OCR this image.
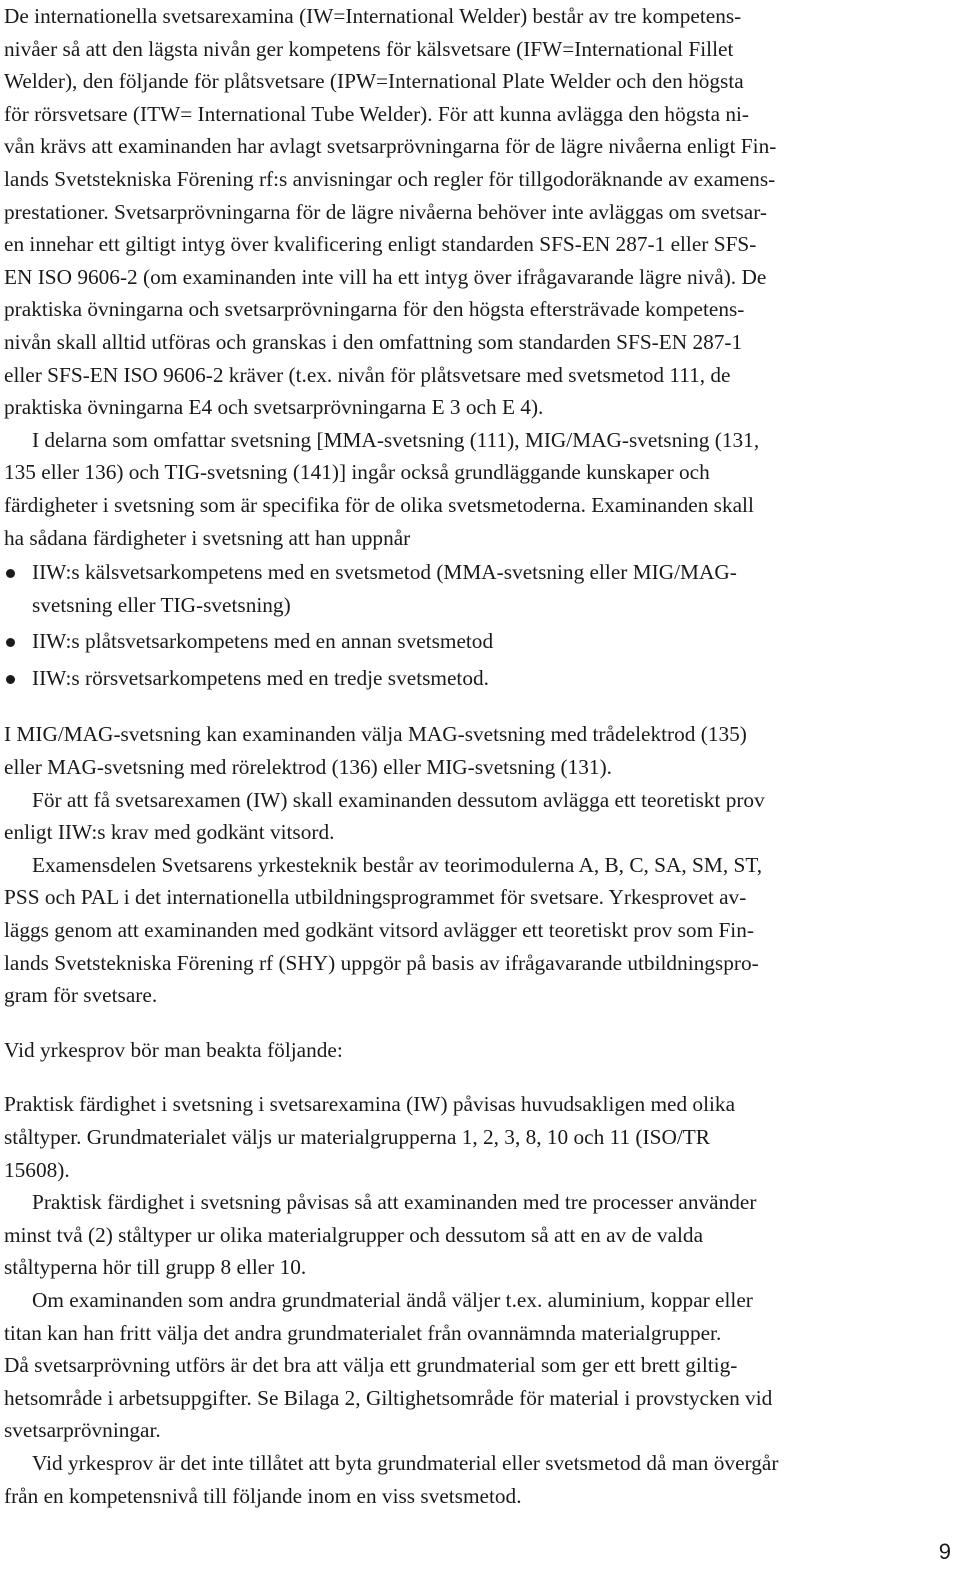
De internationella svetsarexamina (IW=International Welder) består av tre kompetens-
nivåer så att den lägsta nivån ger kompetens för kälsvetsare (IFW=International Fillet
Welder), den följande för plåtsvetsare (IPW=International Plate Welder och den högsta
för rörsvetsare (ITW= International Tube Welder). För att kunna avlägga den högsta ni-
vån krävs att examinanden har avlagt svetsarprövningarna för de lägre nivåerna enligt Fin-
lands Svetstekniska Förening rf:s anvisningar och regler för tillgodoräknande av examens-
prestationer. Svetsarprövningarna för de lägre nivåerna behöver inte avläggas om svetsar-
en innehar ett giltigt intyg över kvalificering enligt standarden SFS-EN 287-1 eller SFS-
EN ISO 9606-2 (om examinanden inte vill ha ett intyg över ifrågavarande lägre nivå). De
praktiska övningarna och svetsarprövningarna för den högsta eftersträvade kompetens-
nivån skall alltid utföras och granskas i den omfattning som standarden SFS-EN 287-1
eller SFS-EN ISO 9606-2 kräver (t.ex. nivån för plåtsvetsare med svetsmetod 111, de
praktiska övningarna E4 och svetsarprövningarna E 3 och E 4).
I delarna som omfattar svetsning [MMA-svetsning (111), MIG/MAG-svetsning (131,
135 eller 136) och TIG-svetsning (141)] ingår också grundläggande kunskaper och
färdigheter i svetsning som är specifika för de olika svetsmetoderna. Examinanden skall
ha sådana färdigheter i svetsning att han uppnår
IIW:s kälsvetsarkompetens med en svetsmetod (MMA-svetsning eller MIG/MAG-
svetsning eller TIG-svetsning)
IIW:s plåtsvetsarkompetens med en annan svetsmetod
IIW:s rörsvetsarkompetens med en tredje svetsmetod.
I MIG/MAG-svetsning kan examinanden välja MAG-svetsning med trådelektrod (135)
eller MAG-svetsning med rörelektrod (136) eller MIG-svetsning (131).
För att få svetsarexamen (IW) skall examinanden dessutom avlägga ett teoretiskt prov
enligt IIW:s krav med godkänt vitsord.
Examensdelen Svetsarens yrkesteknik består av teorimodulerna A, B, C, SA, SM, ST,
PSS och PAL i det internationella utbildningsprogrammet för svetsare. Yrkesprovet av-
läggs genom att examinanden med godkänt vitsord avlägger ett teoretiskt prov som Fin-
lands Svetstekniska Förening rf (SHY) uppgör på basis av ifrågavarande utbildningspro-
gram för svetsare.
Vid yrkesprov bör man beakta följande:
Praktisk färdighet i svetsning i svetsarexamina (IW) påvisas huvudsakligen med olika
ståltyper. Grundmaterialet väljs ur materialgrupperna 1, 2, 3, 8, 10 och 11 (ISO/TR
15608).
Praktisk färdighet i svetsning påvisas så att examinanden med tre processer använder
minst två (2) ståltyper ur olika materialgrupper och dessutom så att en av de valda
ståltyperna hör till grupp 8 eller 10.
Om examinanden som andra grundmaterial ändå väljer t.ex. aluminium, koppar eller
titan kan han fritt välja det andra grundmaterialet från ovannämnda materialgrupper.
Då svetsarprövning utförs är det bra att välja ett grundmaterial som ger ett brett giltig-
hetsområde i arbetsuppgifter. Se Bilaga 2, Giltighetsområde för material i provstycken vid
svetsarprövningar.
Vid yrkesprov är det inte tillåtet att byta grundmaterial eller svetsmetod då man övergår
från en kompetensnivå till följande inom en viss svetsmetod.
9
